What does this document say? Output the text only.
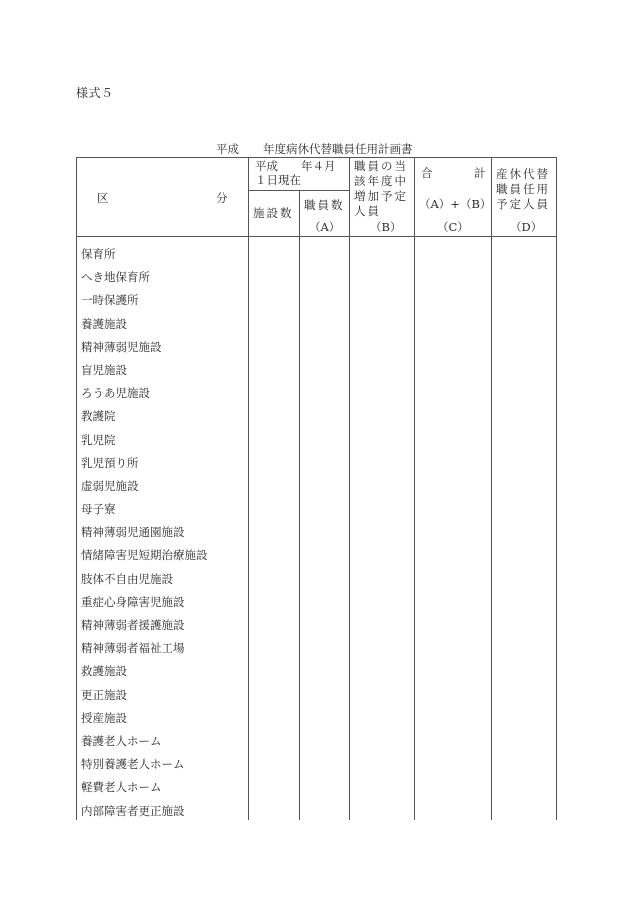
様式５
平成 年度病休代替職員任用計画書
区	分
平成　　年４月
１日現在
施設数
職員数
（A）
職員の当
該年度中
増加予定
人員
（B）
合	計
（A）+（B）
（C）
産休代替
職員任用
予定人員
（D）
保育所
へき地保育所
一時保護所
養護施設
精神薄弱児施設
盲児施設
ろうあ児施設
教護院
乳児院
乳児預り所
虚弱児施設
母子寮
精神薄弱児通園施設
情緒障害児短期治療施設
肢体不自由児施設
重症心身障害児施設
精神薄弱者援護施設
精神薄弱者福祉工場
救護施設
更正施設
授産施設
養護老人ホーム
特別養護老人ホーム
軽費老人ホーム
内部障害者更正施設
